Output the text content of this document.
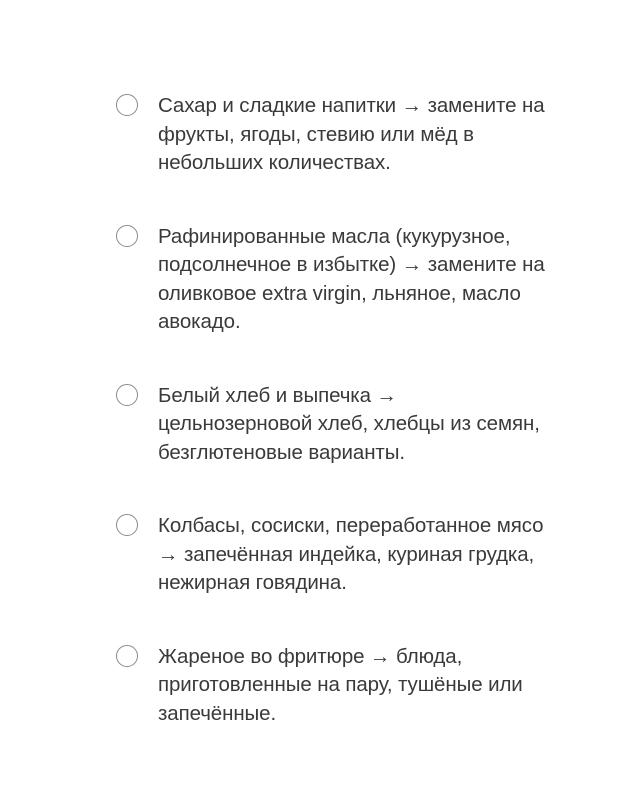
Сахар и сладкие напитки → замените на фрукты, ягоды, стевию или мёд в небольших количествах.
Рафинированные масла (кукурузное, подсолнечное в избытке) → замените на оливковое extra virgin, льняное, масло авокадо.
Белый хлеб и выпечка → цельнозерновой хлеб, хлебцы из семян, безглютеновые варианты.
Колбасы, сосиски, переработанное мясо → запечённая индейка, куриная грудка, нежирная говядина.
Жареное во фритюре → блюда, приготовленные на пару, тушёные или запечённые.
